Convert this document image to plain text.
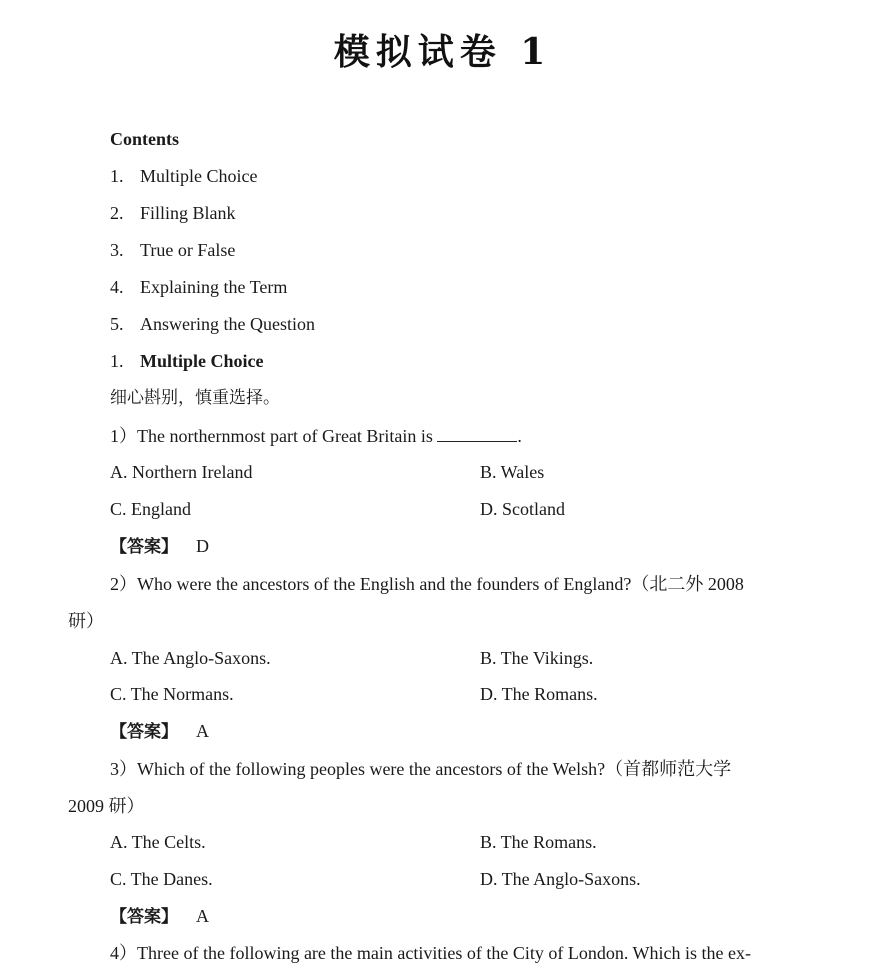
模拟试卷 1
Contents
1. Multiple Choice
2. Filling Blank
3. True or False
4. Explaining the Term
5. Answering the Question
1. Multiple Choice
细心斟别，慎重选择。
1）The northernmost part of Great Britain is	.
A. Northern Ireland	B. Wales
C. England	D. Scotland
【答案】 D
2）Who were the ancestors of the English and the founders of England?（北二外 2008
研）
A. The Anglo-Saxons.	B. The Vikings.
C. The Normans.	D. The Romans.
【答案】 A
3）Which of the following peoples were the ancestors of the Welsh?（首都师范大学
2009 研）
A. The Celts.	B. The Romans.
C. The Danes.	D. The Anglo-Saxons.
【答案】 A
4）Three of the following are the main activities of the City of London. Which is the ex-
